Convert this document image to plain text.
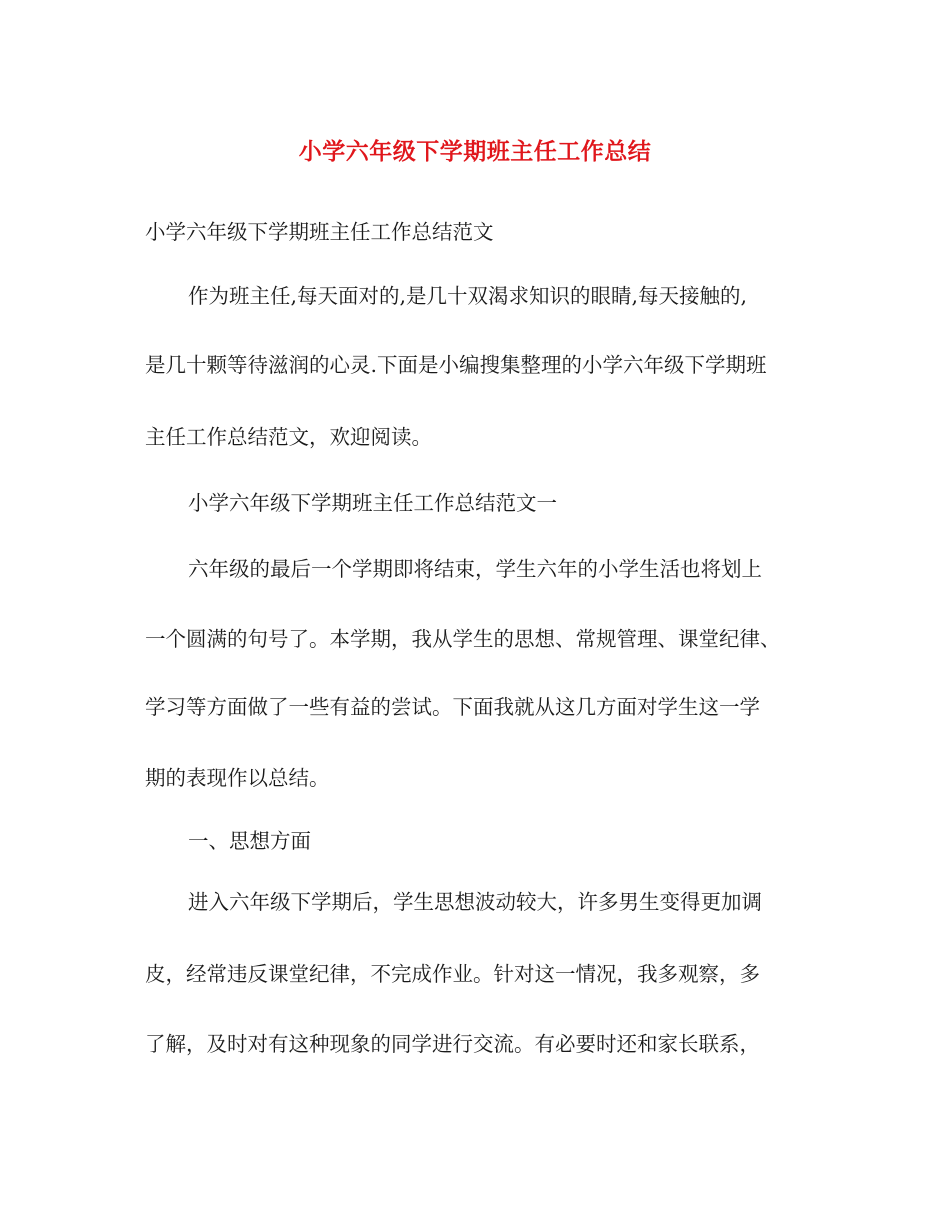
小学六年级下学期班主任工作总结
小学六年级下学期班主任工作总结范文
作为班主任,每天面对的,是几十双渴求知识的眼睛,每天接触的,
是几十颗等待滋润的心灵.下面是小编搜集整理的小学六年级下学期班
主任工作总结范文，欢迎阅读。
小学六年级下学期班主任工作总结范文一
六年级的最后一个学期即将结束，学生六年的小学生活也将划上
一个圆满的句号了。本学期，我从学生的思想、常规管理、课堂纪律、
学习等方面做了一些有益的尝试。下面我就从这几方面对学生这一学
期的表现作以总结。
一、思想方面
进入六年级下学期后，学生思想波动较大，许多男生变得更加调
皮，经常违反课堂纪律，不完成作业。针对这一情况，我多观察，多
了解，及时对有这种现象的同学进行交流。有必要时还和家长联系，
